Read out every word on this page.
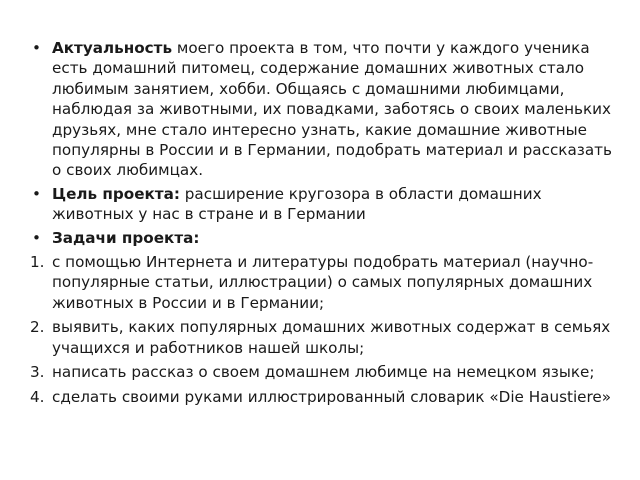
• Актуальность моего проекта в том, что почти у каждого ученика есть домашний питомец, содержание домашних животных стало любимым занятием, хобби. Общаясь с домашними любимцами, наблюдая за животными, их повадками, заботясь о своих маленьких друзьях, мне стало интересно узнать, какие домашние животные популярны в России и в Германии, подобрать материал и рассказать о своих любимцах.
• Цель проекта: расширение кругозора в области домашних животных у нас в стране и в Германии
• Задачи проекта:
1. с помощью Интернета и литературы подобрать материал (научно-популярные статьи, иллюстрации) о самых популярных домашних животных в России и в Германии;
2. выявить, каких популярных домашних животных содержат в семьях учащихся и работников нашей школы;
3. написать рассказ о своем домашнем любимце на немецком языке;
4. сделать своими руками иллюстрированный словарик «Die Haustiere»
